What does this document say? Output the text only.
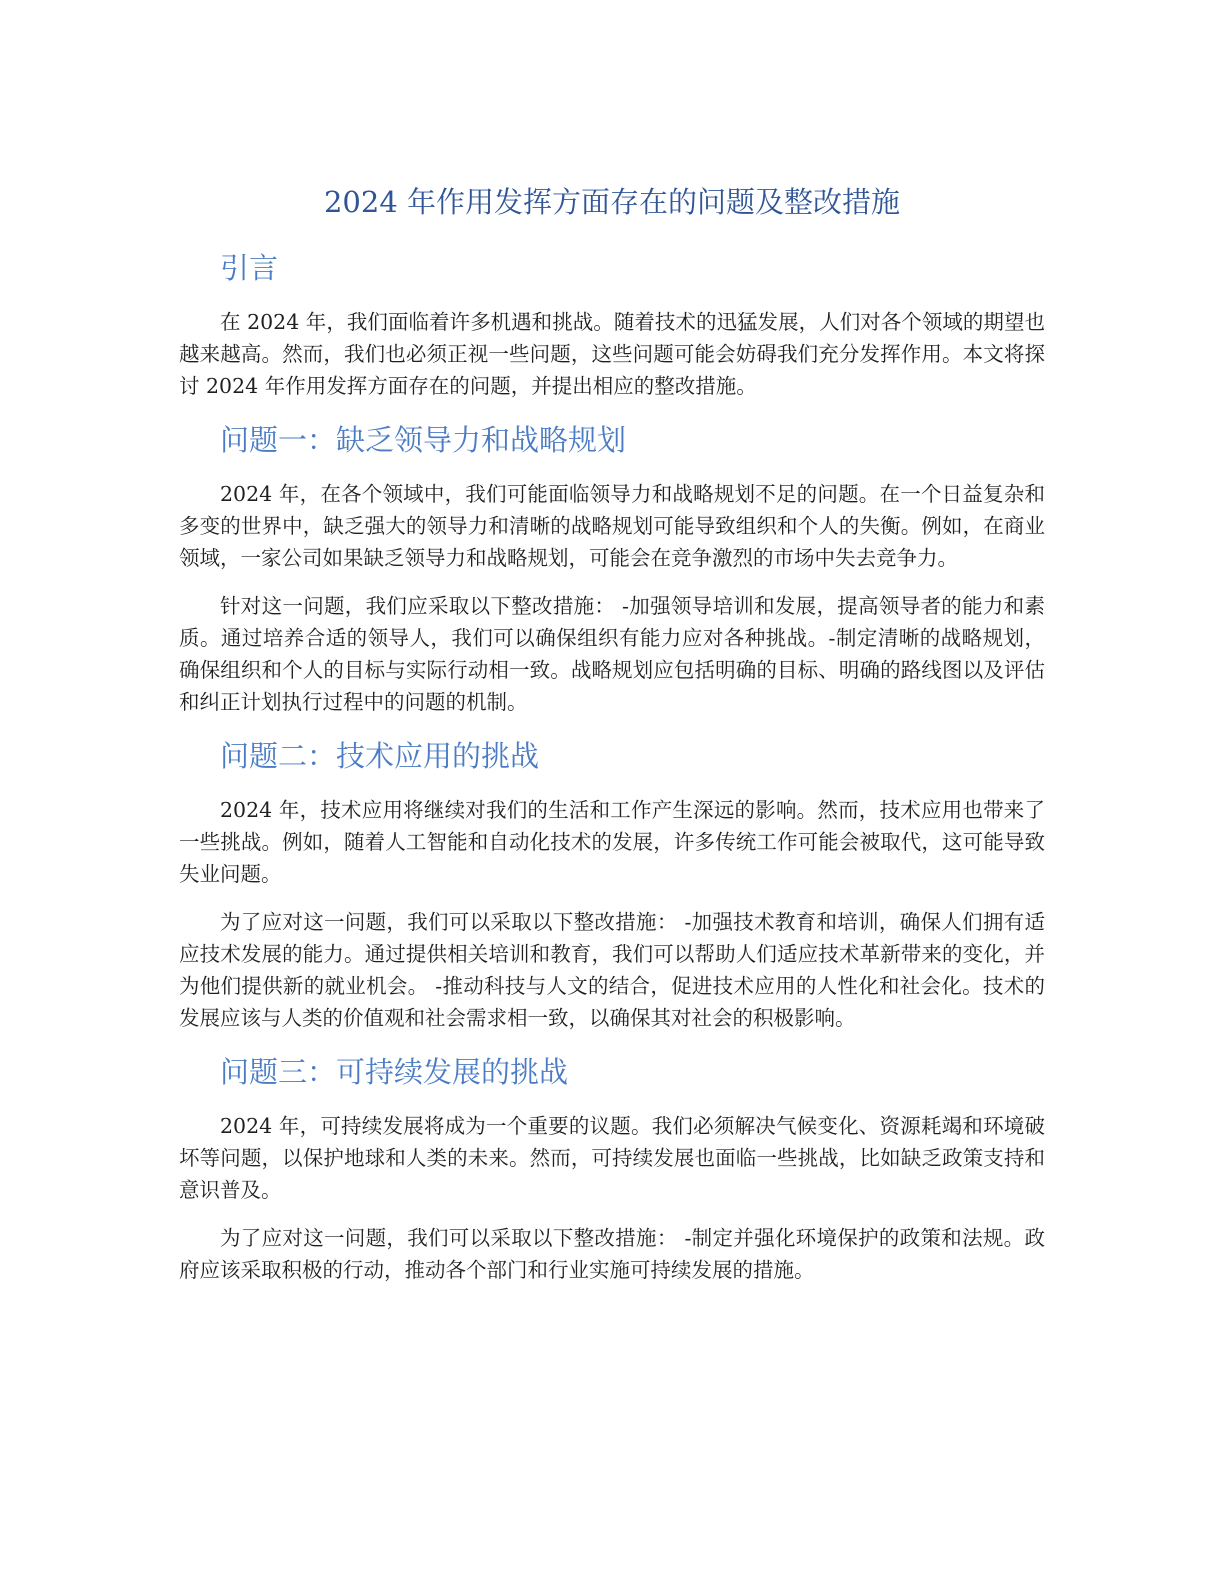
2024 年作用发挥方面存在的问题及整改措施
引言

在 2024 年，我们面临着许多机遇和挑战。随着技术的迅猛发展，人们对各个领域的期望也越来越高。然而，我们也必须正视一些问题，这些问题可能会妨碍我们充分发挥作用。本文将探讨 2024 年作用发挥方面存在的问题，并提出相应的整改措施。

问题一：缺乏领导力和战略规划

2024 年，在各个领域中，我们可能面临领导力和战略规划不足的问题。在一个日益复杂和多变的世界中，缺乏强大的领导力和清晰的战略规划可能导致组织和个人的失衡。例如，在商业领域，一家公司如果缺乏领导力和战略规划，可能会在竞争激烈的市场中失去竞争力。

针对这一问题，我们应采取以下整改措施： -加强领导培训和发展，提高领导者的能力和素质。通过培养合适的领导人，我们可以确保组织有能力应对各种挑战。-制定清晰的战略规划，确保组织和个人的目标与实际行动相一致。战略规划应包括明确的目标、明确的路线图以及评估和纠正计划执行过程中的问题的机制。

问题二：技术应用的挑战

2024 年，技术应用将继续对我们的生活和工作产生深远的影响。然而，技术应用也带来了一些挑战。例如，随着人工智能和自动化技术的发展，许多传统工作可能会被取代，这可能导致失业问题。

为了应对这一问题，我们可以采取以下整改措施： -加强技术教育和培训，确保人们拥有适应技术发展的能力。通过提供相关培训和教育，我们可以帮助人们适应技术革新带来的变化，并为他们提供新的就业机会。 -推动科技与人文的结合，促进技术应用的人性化和社会化。技术的发展应该与人类的价值观和社会需求相一致，以确保其对社会的积极影响。

问题三：可持续发展的挑战

2024 年，可持续发展将成为一个重要的议题。我们必须解决气候变化、资源耗竭和环境破坏等问题，以保护地球和人类的未来。然而，可持续发展也面临一些挑战，比如缺乏政策支持和意识普及。

为了应对这一问题，我们可以采取以下整改措施： -制定并强化环境保护的政策和法规。政府应该采取积极的行动，推动各个部门和行业实施可持续发展的措施。
